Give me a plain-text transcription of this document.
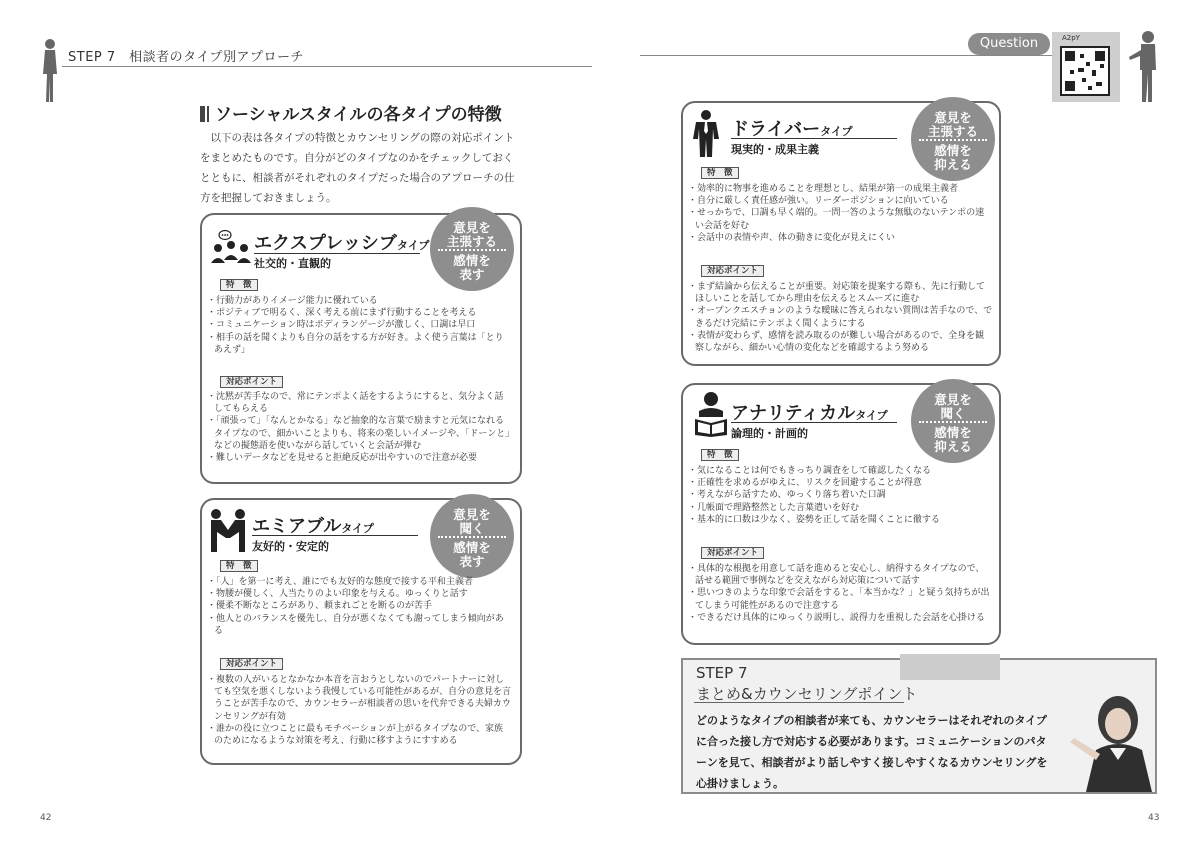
STEP 7　相談者のタイプ別アプローチ
Question	A2pY
ソーシャルスタイルの各タイプの特徴

以下の表は各タイプの特徴とカウンセリングの際の対応ポイントをまとめたものです。自分がどのタイプなのかをチェックしておくとともに、相談者がそれぞれのタイプだった場合のアプローチの仕方を把握しておきましょう。

エクスプレッシブタイプ
社交的・直観的
意見を
主張する
感情を
表す
特　徴
・ 行動力がありイメージ能力に優れている
・ ポジティブで明るく、深く考える前にまず行動することを考える
・ コミュニケーション時はボディランゲージが激しく、口調は早口
・ 相手の話を聞くよりも自分の話をする方が好き。よく使う言葉は「とりあえず」
対応ポイント
・ 沈黙が苦手なので、常にテンポよく話をするようにすると、気分よく話してもらえる
・ 「頑張って」「なんとかなる」など抽象的な言葉で励ますと元気になれるタイプなので、細かいことよりも、将来の楽しいイメージや、「ドーンと」などの擬態語を使いながら話していくと会話が弾む
・ 難しいデータなどを見せると拒絶反応が出やすいので注意が必要
エミアブルタイプ
友好的・安定的
意見を
聞く
感情を
表す
特　徴
・ 「人」を第一に考え、誰にでも友好的な態度で接する平和主義者
・ 物腰が優しく、人当たりのよい印象を与える。ゆっくりと話す
・ 優柔不断なところがあり、頼まれごとを断るのが苦手
・ 他人とのバランスを優先し、自分が悪くなくても謝ってしまう傾向がある
対応ポイント
・ 複数の人がいるとなかなか本音を言おうとしないのでパートナーに対しても空気を悪くしないよう我慢している可能性があるが、自分の意見を言うことが苦手なので、カウンセラーが相談者の思いを代弁できる夫婦カウンセリングが有効
・ 誰かの役に立つことに最もモチベーションが上がるタイプなので、家族のためになるような対策を考え、行動に移すようにすすめる
ドライバータイプ
現実的・成果主義
意見を
主張する
感情を
抑える
特　徴
・ 効率的に物事を進めることを理想とし、結果が第一の成果主義者
・ 自分に厳しく責任感が強い。リーダーポジションに向いている
・ せっかちで、口調も早く端的。一問一答のような無駄のないテンポの速い会話を好む
・ 会話中の表情や声、体の動きに変化が見えにくい
対応ポイント
・ まず結論から伝えることが重要。対応策を提案する際も、先に行動してほしいことを話してから理由を伝えるとスムーズに進む
・ オープンクエスチョンのような曖昧に答えられない質問は苦手なので、できるだけ完結にテンポよく聞くようにする
・ 表情が変わらず、感情を読み取るのが難しい場合があるので、全身を観察しながら、細かい心情の変化などを確認するよう努める
アナリティカルタイプ
論理的・計画的
意見を
聞く
感情を
抑える
特　徴
・ 気になることは何でもきっちり調査をして確認したくなる
・ 正確性を求めるがゆえに、リスクを回避することが得意
・ 考えながら話すため、ゆっくり落ち着いた口調
・ 几帳面で理路整然とした言葉遣いを好む
・ 基本的に口数は少なく、姿勢を正して話を聞くことに徹する
対応ポイント
・ 具体的な根拠を用意して話を進めると安心し、納得するタイプなので、話せる範囲で事例などを交えながら対応策について話す
・ 思いつきのような印象で会話をすると、「本当かな？」と疑う気持ちが出てしまう可能性があるので注意する
・ できるだけ具体的にゆっくり説明し、説得力を重視した会話を心掛ける
STEP 7
まとめ&カウンセリングポイント

どのようなタイプの相談者が来ても、カウンセラーはそれぞれのタイプに合った接し方で対応する必要があります。コミュニケーションのパターンを見て、相談者がより話しやすく接しやすくなるカウンセリングを心掛けましょう。

42	43
